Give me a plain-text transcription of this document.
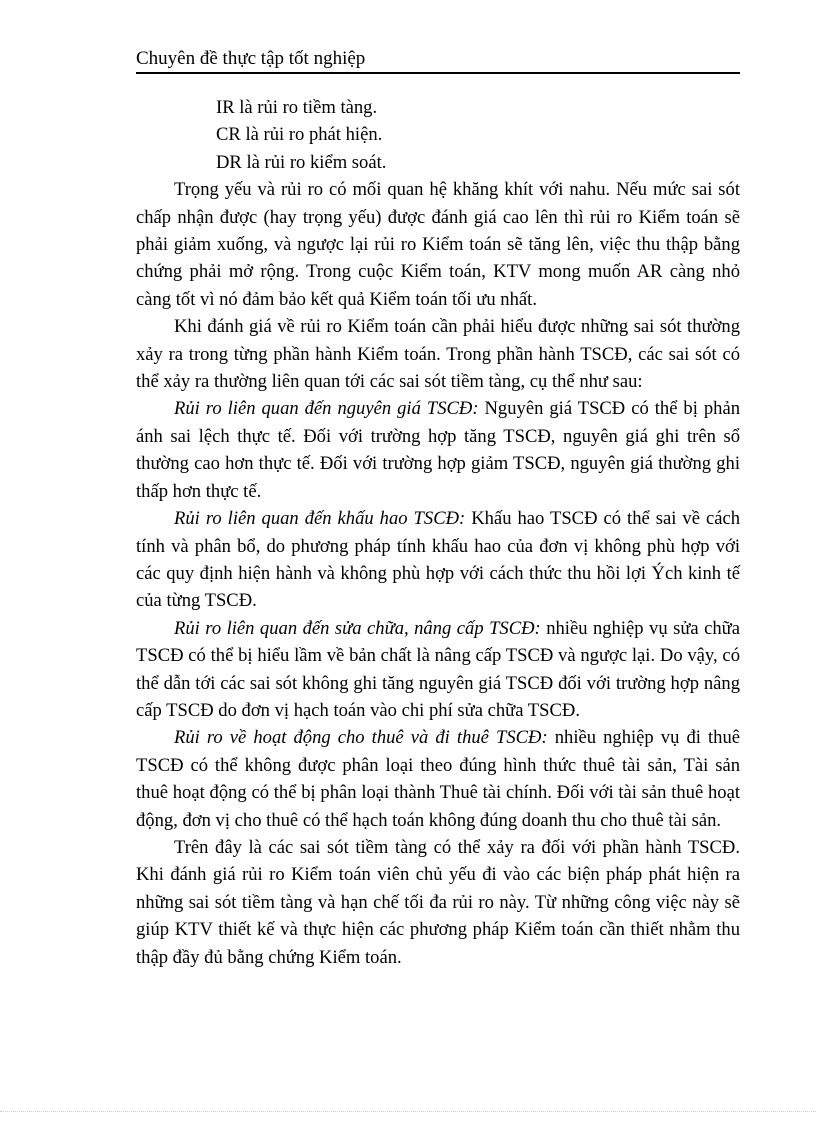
Chuyên đề thực tập tốt nghiệp

IR là rủi ro tiềm tàng.

CR là rủi ro phát hiện.

DR là rủi ro kiểm soát.

Trọng yếu và rủi ro có mối quan hệ khăng khít với nahu. Nếu mức sai sót chấp nhận được (hay trọng yếu) được đánh giá cao lên thì rủi ro Kiểm toán sẽ phải giảm xuống, và ngược lại rủi ro Kiểm toán sẽ tăng lên, việc thu thập bằng chứng phải mở rộng. Trong cuộc Kiểm toán, KTV mong muốn AR càng nhỏ càng tốt vì nó đảm bảo kết quả Kiểm toán tối ưu nhất.

Khi đánh giá về rủi ro Kiểm toán cần phải hiểu được những sai sót thường xảy ra trong từng phần hành Kiểm toán. Trong phần hành TSCĐ, các sai sót có thể xảy ra thường liên quan tới các sai sót tiềm tàng, cụ thể như sau:

Rủi ro liên quan đến nguyên giá TSCĐ: Nguyên giá TSCĐ có thể bị phản ánh sai lệch thực tế. Đối với trường hợp tăng TSCĐ, nguyên giá ghi trên sổ thường cao hơn thực tế. Đối với trường hợp giảm TSCĐ, nguyên giá thường ghi thấp hơn thực tế.

Rủi ro liên quan đến khấu hao TSCĐ: Khấu hao TSCĐ có thể sai về cách tính và phân bổ, do phương pháp tính khấu hao của đơn vị không phù hợp với các quy định hiện hành và không phù hợp với cách thức thu hồi lợi Ých kinh tế của từng TSCĐ.

Rủi ro liên quan đến sửa chữa, nâng cấp TSCĐ: nhiều nghiệp vụ sửa chữa TSCĐ có thể bị hiểu lầm về bản chất là nâng cấp TSCĐ và ngược lại. Do vậy, có thể dẫn tới các sai sót không ghi tăng nguyên giá TSCĐ đối với trường hợp nâng cấp TSCĐ do đơn vị hạch toán vào chi phí sửa chữa TSCĐ.

Rủi ro về hoạt động cho thuê và đi thuê TSCĐ: nhiều nghiệp vụ đi thuê TSCĐ có thể không được phân loại theo đúng hình thức thuê tài sản, Tài sản thuê hoạt động có thể bị phân loại thành Thuê tài chính. Đối với tài sản thuê hoạt động, đơn vị cho thuê có thể hạch toán không đúng doanh thu cho thuê tài sản.

Trên đây là các sai sót tiềm tàng có thể xảy ra đối với phần hành TSCĐ. Khi đánh giá rủi ro Kiểm toán viên chủ yếu đi vào các biện pháp phát hiện ra những sai sót tiềm tàng và hạn chế tối đa rủi ro này. Từ những công việc này sẽ giúp KTV thiết kế và thực hiện các phương pháp Kiểm toán cần thiết nhằm thu thập đầy đủ bằng chứng Kiểm toán.
